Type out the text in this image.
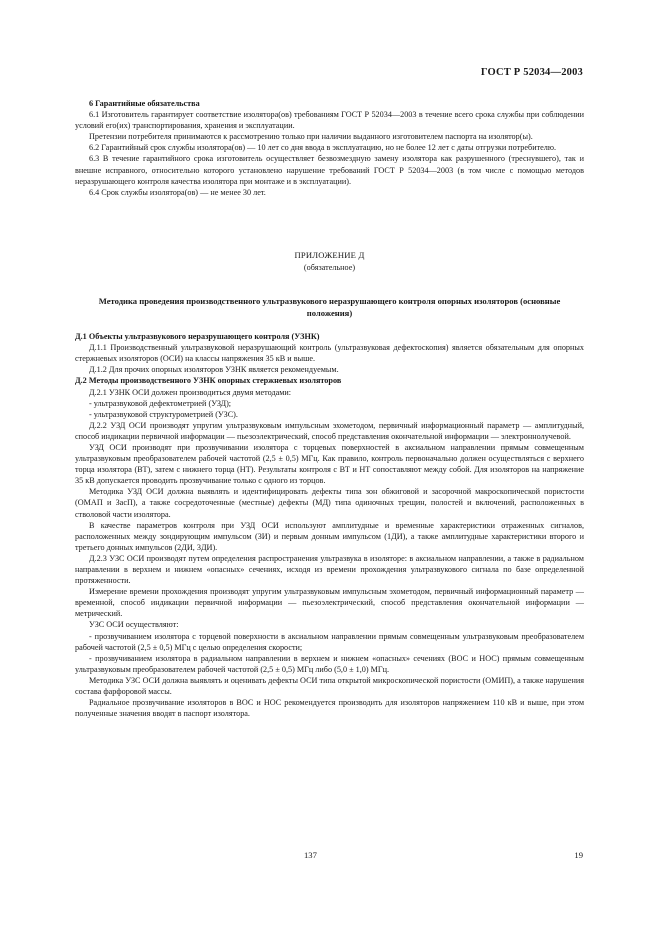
ГОСТ Р 52034—2003

6 Гарантийные обязательства

6.1 Изготовитель гарантирует соответствие изолятора(ов) требованиям ГОСТ Р 52034—2003 в течение всего срока службы при соблюдении условий его(их) транспортирования, хранения и эксплуатации.

Претензии потребителя принимаются к рассмотрению только при наличии выданного изготовителем паспорта на изолятор(ы).

6.2 Гарантийный срок службы изолятора(ов) — 10 лет со дня ввода в эксплуатацию, но не более 12 лет с даты отгрузки потребителю.

6.3 В течение гарантийного срока изготовитель осуществляет безвозмездную замену изолятора как разрушенного (треснувшего), так и внешне исправного, относительно которого установлено нарушение требований ГОСТ Р 52034—2003 (в том числе с помощью методов неразрушающего контроля качества изолятора при монтаже и в эксплуатации).

6.4 Срок службы изолятора(ов) — не менее 30 лет.

ПРИЛОЖЕНИЕ Д
(обязательное)
Методика проведения производственного ультразвукового неразрушающего контроля опорных изоляторов (основные положения)

Д.1 Объекты ультразвукового неразрушающего контроля (УЗНК)

Д.1.1 Производственный ультразвуковой неразрушающий контроль (ультразвуковая дефектоскопия) является обязательным для опорных стержневых изоляторов (ОСИ) на классы напряжения 35 кВ и выше.

Д.1.2 Для прочих опорных изоляторов УЗНК является рекомендуемым.

Д.2 Методы производственного УЗНК опорных стержневых изоляторов

Д.2.1 УЗНК ОСИ должен производиться двумя методами:

- ультразвуковой дефектометрией (УЗД);

- ультразвуковой структурометрией (УЗС).

Д.2.2 УЗД ОСИ производят упругим ультразвуковым импульсным эхометодом, первичный информационный параметр — амплитудный, способ индикации первичной информации — пьезоэлектрический, способ представления окончательной информации — электроннолучевой.

УЗД ОСИ производят при прозвучивании изолятора с торцевых поверхностей в аксиальном направлении прямым совмещенным ультразвуковым преобразователем рабочей частотой (2,5 ± 0,5) МГц. Как правило, контроль первоначально должен осуществляться с верхнего торца изолятора (ВТ), затем с нижнего торца (НТ). Результаты контроля с ВТ и НТ сопоставляют между собой. Для изоляторов на напряжение 35 кВ допускается проводить прозвучивание только с одного из торцов.

Методика УЗД ОСИ должна выявлять и идентифицировать дефекты типа зон обжиговой и засорочной макроскопической пористости (ОМАП и ЗасП), а также сосредоточенные (местные) дефекты (МД) типа одиночных трещин, полостей и включений, расположенных в стволовой части изолятора.

В качестве параметров контроля при УЗД ОСИ используют амплитудные и временные характеристики отраженных сигналов, расположенных между зондирующим импульсом (ЗИ) и первым донным импульсом (1ДИ), а также амплитудные характеристики второго и третьего донных импульсов (2ДИ, 3ДИ).

Д.2.3 УЗС ОСИ производят путем определения распространения ультразвука в изоляторе: в аксиальном направлении, а также в радиальном направлении в верхнем и нижнем «опасных» сечениях, исходя из времени прохождения ультразвукового сигнала по базе определенной протяженности.

Измерение времени прохождения производят упругим ультразвуковым импульсным эхометодом, первичный информационный параметр — временной, способ индикации первичной информации — пьезоэлектрический, способ представления окончательной информации — метрический.

УЗС ОСИ осуществляют:

- прозвучиванием изолятора с торцевой поверхности в аксиальном направлении прямым совмещенным ультразвуковым преобразователем рабочей частотой (2,5 ± 0,5) МГц с целью определения скорости;

- прозвучиванием изолятора в радиальном направлении в верхнем и нижнем «опасных» сечениях (ВОС и НОС) прямым совмещенным ультразвуковым преобразователем рабочей частотой (2,5 ± 0,5) МГц либо (5,0 ± 1,0) МГц.

Методика УЗС ОСИ должна выявлять и оценивать дефекты ОСИ типа открытой микроскопической пористости (ОМИП), а также нарушения состава фарфоровой массы.

Радиальное прозвучивание изоляторов в ВОС и НОС рекомендуется производить для изоляторов напряжением 110 кВ и выше, при этом полученные значения вводят в паспорт изолятора.

137	19
